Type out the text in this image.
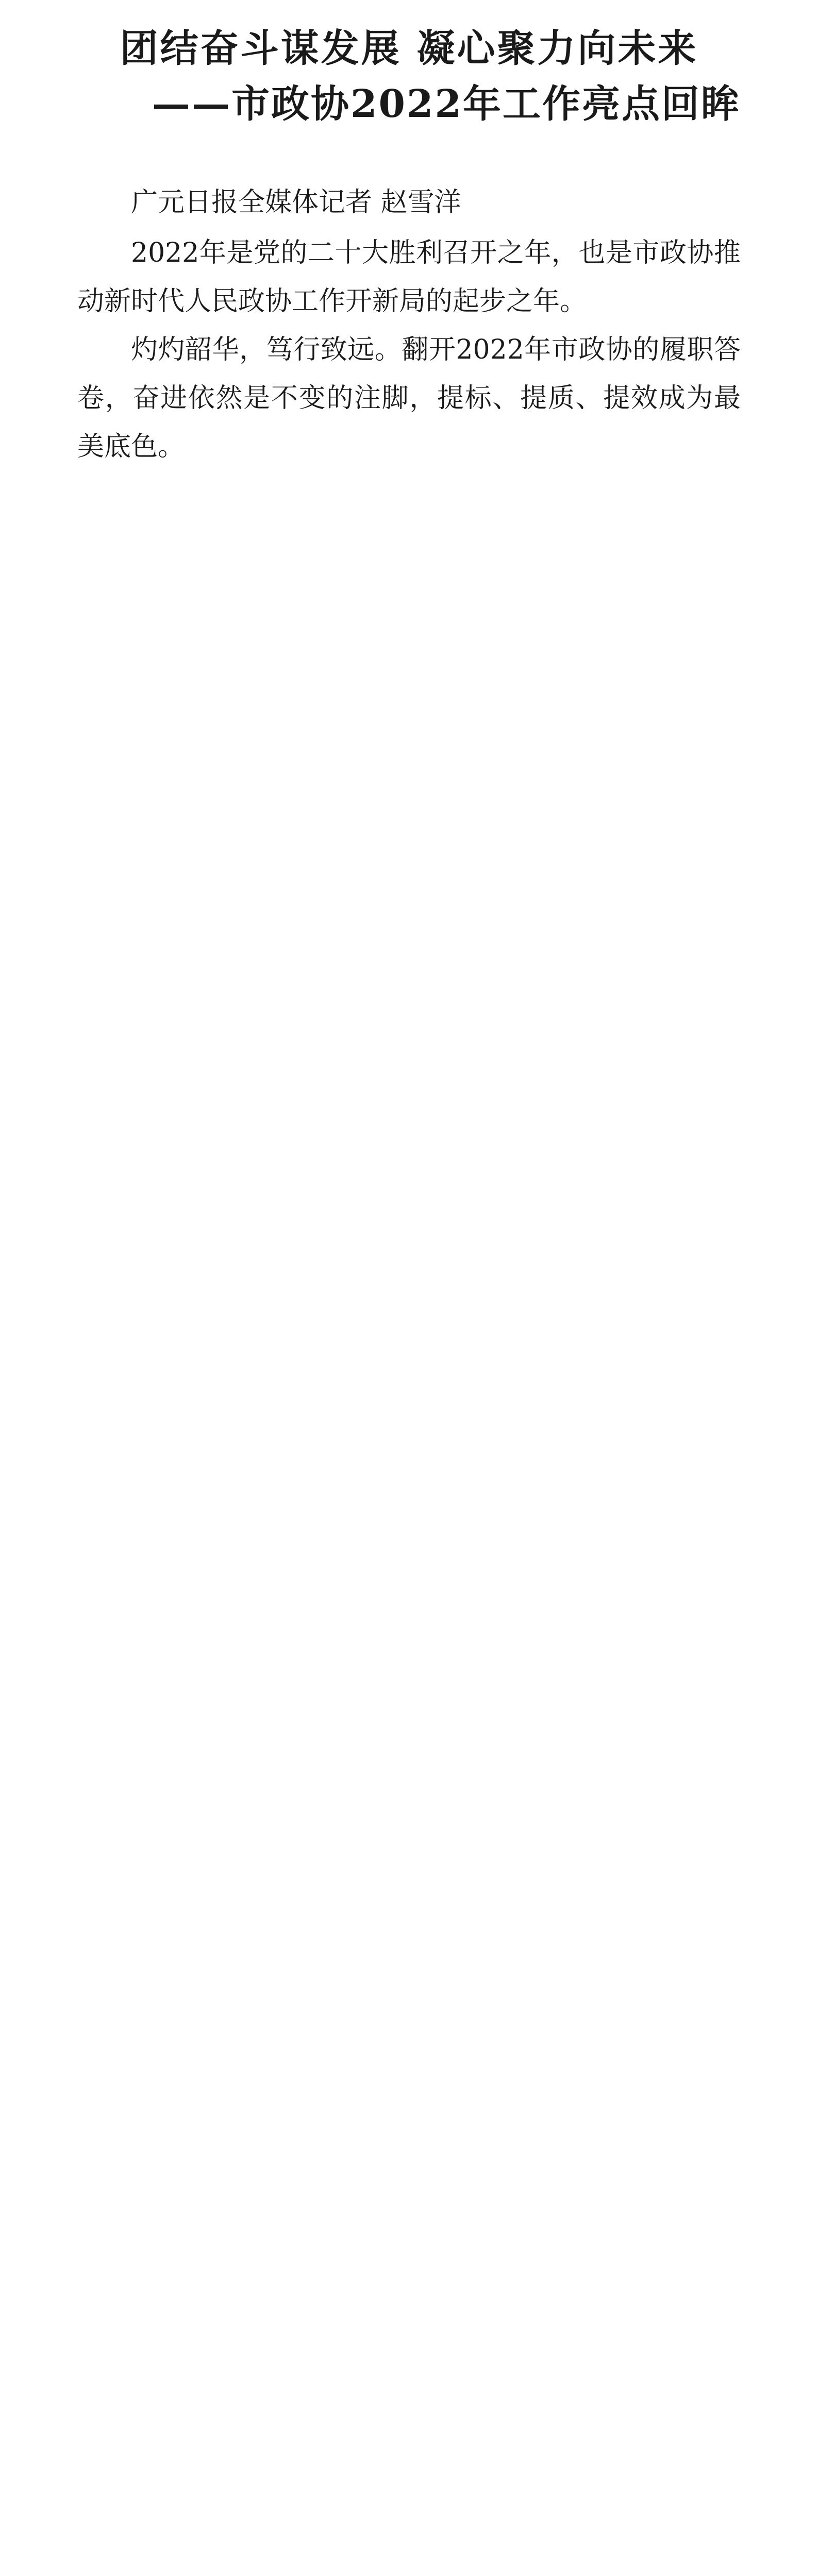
团结奋斗谋发展 凝心聚力向未来
——市政协2022年工作亮点回眸

广元日报全媒体记者 赵雪洋

2022年是党的二十大胜利召开之年，也是市政协推动新时代人民政协工作开新局的起步之年。

灼灼韶华，笃行致远。翻开2022年市政协的履职答卷，奋进依然是不变的注脚，提标、提质、提效成为最美底色。
